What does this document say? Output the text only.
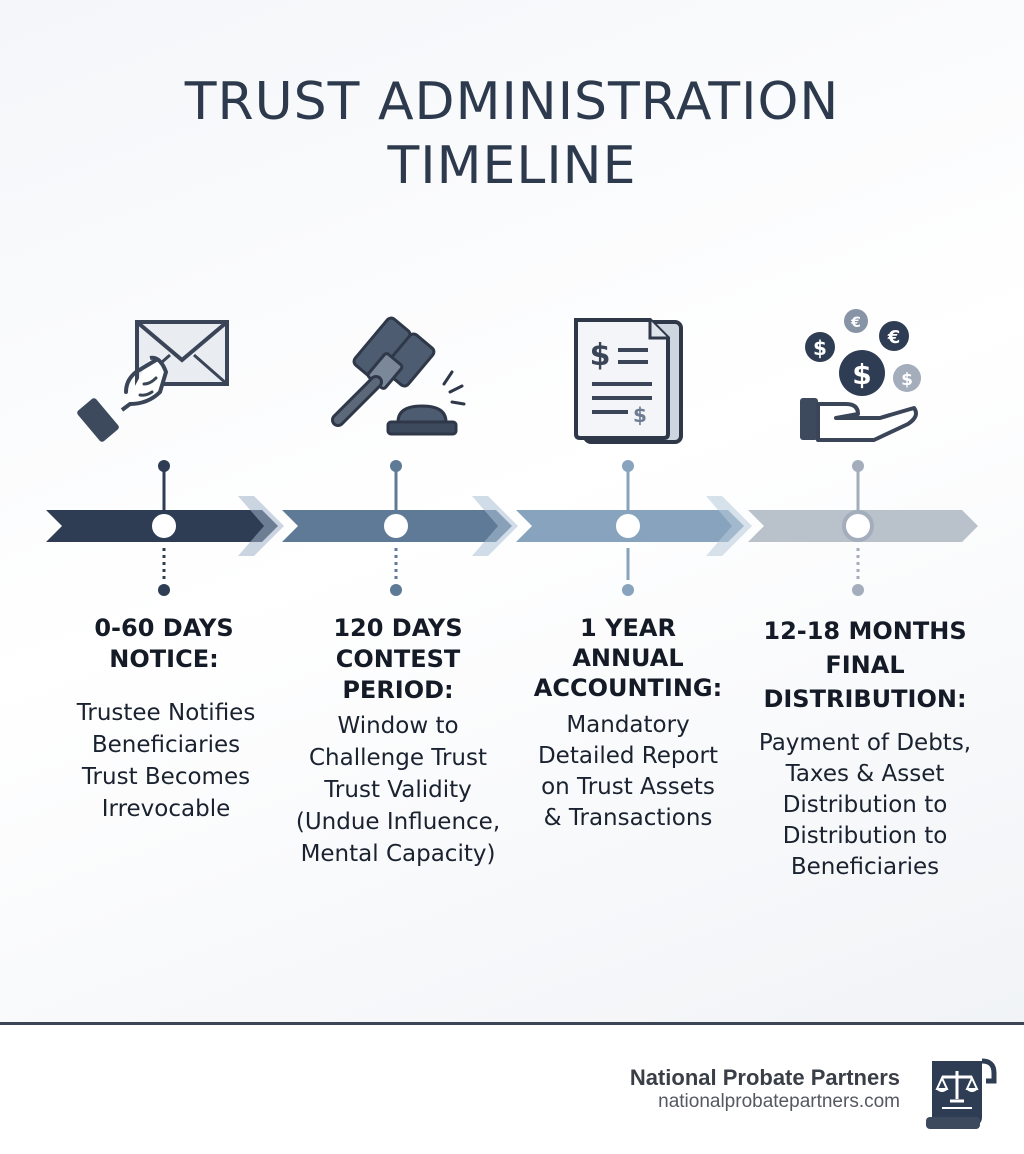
TRUST ADMINISTRATION
TIMELINE
$
$
€
$	€
$ $
0-60 DAYS
NOTICE:
Trustee Notifies
Beneficiaries
Trust Becomes
Irrevocable
120 DAYS
CONTEST
PERIOD:
Window to
Challenge Trust
Trust Validity
(Undue Influence,
Mental Capacity)
1 YEAR
ANNUAL
ACCOUNTING:
Mandatory
Detailed Report
on Trust Assets
& Transactions
12-18 MONTHS
FINAL
DISTRIBUTION:
Payment of Debts,
Taxes & Asset
Distribution to
Distribution to
Beneficiaries
National Probate Partners
nationalprobatepartners.com
